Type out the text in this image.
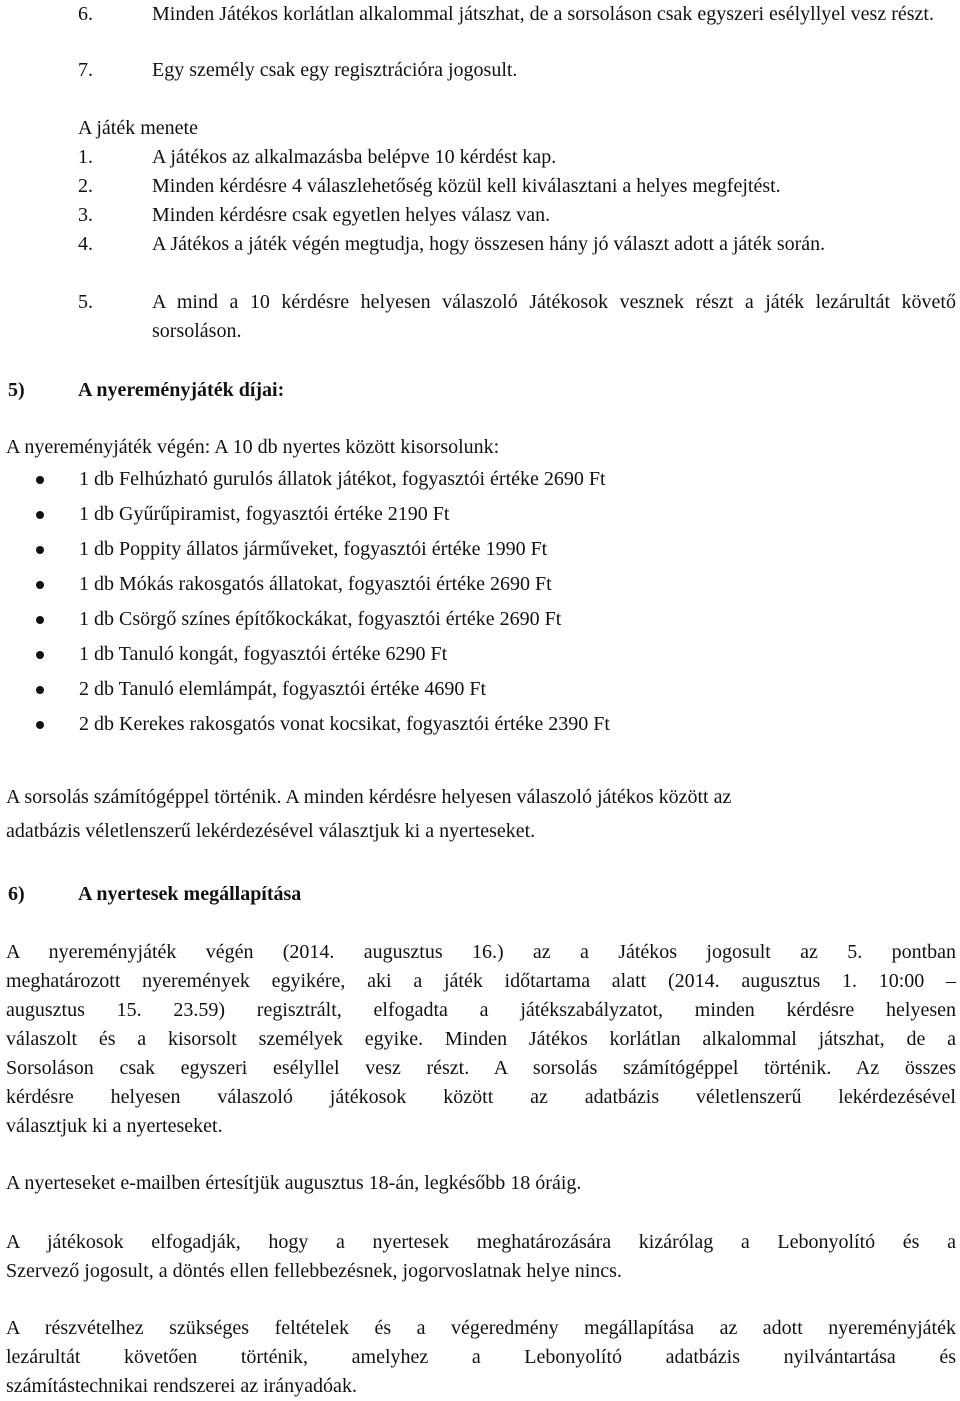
6.	Minden Játékos korlátlan alkalommal játszhat, de a sorsoláson csak egyszeri esélyllyel vesz részt.
7.	Egy személy csak egy regisztrációra jogosult.
A játék menete
1.	A játékos az alkalmazásba belépve 10 kérdést kap.
2.	Minden kérdésre 4 válaszlehetőség közül kell kiválasztani a helyes megfejtést.
3.	Minden kérdésre csak egyetlen helyes válasz van.
4.	A Játékos a játék végén megtudja, hogy összesen hány jó választ adott a játék során.
5.	A mind a 10 kérdésre helyesen válaszoló Játékosok vesznek részt a játék lezárultát követő sorsoláson.
5)	A nyereményjáték díjai:
A nyereményjáték végén: A 10 db nyertes között kisorsolunk:
1 db Felhúzható gurulós állatok játékot, fogyasztói értéke 2690 Ft
1 db Gyűrűpiramist, fogyasztói értéke 2190 Ft
1 db Poppity állatos járműveket, fogyasztói értéke 1990 Ft
1 db Mókás rakosgatós állatokat, fogyasztói értéke 2690 Ft
1 db Csörgő színes építőkockákat, fogyasztói értéke 2690 Ft
1 db Tanuló kongát, fogyasztói értéke 6290 Ft
2 db Tanuló elemlámpát, fogyasztói értéke 4690 Ft
2 db Kerekes rakosgatós vonat kocsikat, fogyasztói értéke 2390 Ft
A sorsolás számítógéppel történik. A minden kérdésre helyesen válaszoló játékos között az
adatbázis véletlenszerű lekérdezésével választjuk ki a nyerteseket.
6)	A nyertesek megállapítása
A nyereményjáték végén (2014. augusztus 16.) az a Játékos jogosult az 5. pontban
meghatározott nyeremények egyikére, aki a játék időtartama alatt (2014. augusztus 1. 10:00 –
augusztus 15. 23.59) regisztrált, elfogadta a játékszabályzatot, minden kérdésre helyesen
válaszolt és a kisorsolt személyek egyike. Minden Játékos korlátlan alkalommal játszhat, de a
Sorsoláson csak egyszeri esélyllel vesz részt. A sorsolás számítógéppel történik. Az összes
kérdésre helyesen válaszoló játékosok között az adatbázis véletlenszerű lekérdezésével
választjuk ki a nyerteseket.
A nyerteseket e-mailben értesítjük augusztus 18-án, legkésőbb 18 óráig.
A játékosok elfogadják, hogy a nyertesek meghatározására kizárólag a Lebonyolító és a
Szervező jogosult, a döntés ellen fellebbezésnek, jogorvoslatnak helye nincs.
A részvételhez szükséges feltételek és a végeredmény megállapítása az adott nyereményjáték
lezárultát követően történik, amelyhez a Lebonyolító adatbázis nyilvántartása és
számítástechnikai rendszerei az irányadóak.
